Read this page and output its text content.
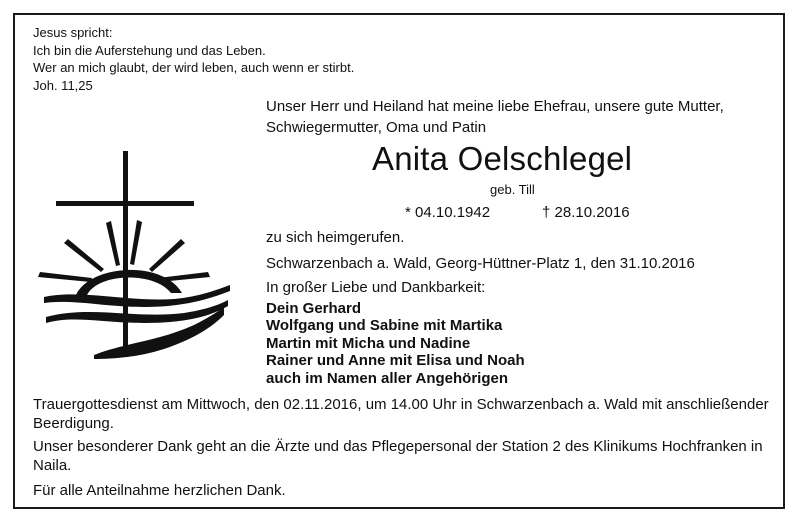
Jesus spricht:
Ich bin die Auferstehung und das Leben.
Wer an mich glaubt, der wird leben, auch wenn er stirbt.
Joh. 11,25
Unser Herr und Heiland hat meine liebe Ehefrau, unsere gute Mutter,
Schwiegermutter, Oma und Patin
Anita Oelschlegel
geb. Till
* 04.10.1942	† 28.10.2016
zu sich heimgerufen.
Schwarzenbach a. Wald, Georg-Hüttner-Platz 1, den 31.10.2016
In großer Liebe und Dankbarkeit:
Dein Gerhard
Wolfgang und Sabine mit Martika
Martin mit Micha und Nadine
Rainer und Anne mit Elisa und Noah
auch im Namen aller Angehörigen
Trauergottesdienst am Mittwoch, den 02.11.2016, um 14.00 Uhr in Schwarzenbach a. Wald mit anschließender Beerdigung.
Unser besonderer Dank geht an die Ärzte und das Pflegepersonal der Station 2 des Klinikums Hochfranken in Naila.
Für alle Anteilnahme herzlichen Dank.
